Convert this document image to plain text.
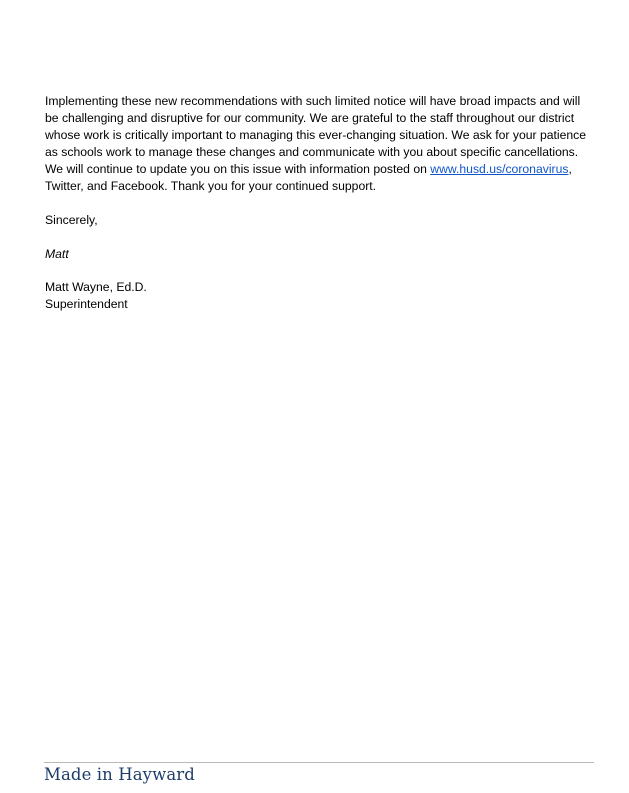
Implementing these new recommendations with such limited notice will have broad impacts and will be challenging and disruptive for our community. We are grateful to the staff throughout our district whose work is critically important to managing this ever-changing situation. We ask for your patience as schools work to manage these changes and communicate with you about specific cancellations. We will continue to update you on this issue with information posted on www.husd.us/coronavirus, Twitter, and Facebook. Thank you for your continued support.

Sincerely,

Matt

Matt Wayne, Ed.D.

Superintendent

Made in Hayward
